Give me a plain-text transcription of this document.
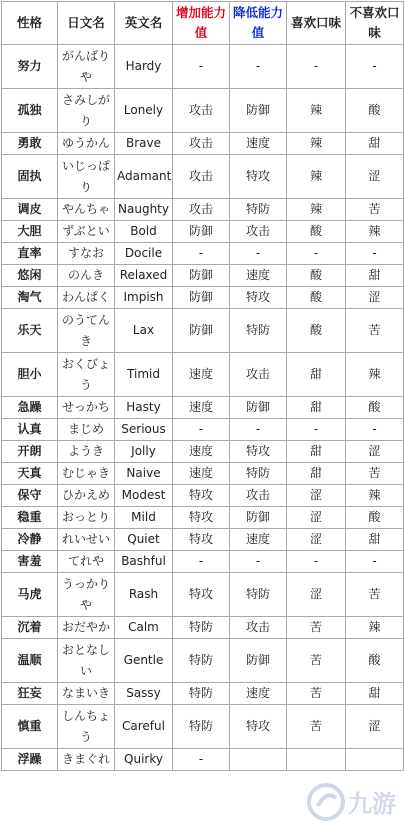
性格	日文名	英文名	增加能力值	降低能力值	喜欢口味	不喜欢口味
努力	がんばりや	Hardy	-	-	-	-
孤独	さみしがり	Lonely	攻击	防御	辣	酸
勇敢	ゆうかん	Brave	攻击	速度	辣	甜
固执	いじっぱり	Adamant	攻击	特攻	辣	涩
调皮	やんちゃ	Naughty	攻击	特防	辣	苦
大胆	ずぶとい	Bold	防御	攻击	酸	辣
直率	すなお	Docile	-	-	-	-
悠闲	のんき	Relaxed	防御	速度	酸	甜
淘气	わんぱく	Impish	防御	特攻	酸	涩
乐天	のうてんき	Lax	防御	特防	酸	苦
胆小	おくびょう	Timid	速度	攻击	甜	辣
急躁	せっかち	Hasty	速度	防御	甜	酸
认真	まじめ	Serious	-	-	-	-
开朗	ようき	Jolly	速度	特攻	甜	涩
天真	むじゃき	Naive	速度	特防	甜	苦
保守	ひかえめ	Modest	特攻	攻击	涩	辣
稳重	おっとり	Mild	特攻	防御	涩	酸
冷静	れいせい	Quiet	特攻	速度	涩	甜
害羞	てれや	Bashful	-	-	-	-
马虎	うっかりや	Rash	特攻	特防	涩	苦
沉着	おだやか	Calm	特防	攻击	苦	辣
温顺	おとなしい	Gentle	特防	防御	苦	酸
狂妄	なまいき	Sassy	特防	速度	苦	甜
慎重	しんちょう	Careful	特防	特攻	苦	涩
浮躁	きまぐれ	Quirky	-			
九游
